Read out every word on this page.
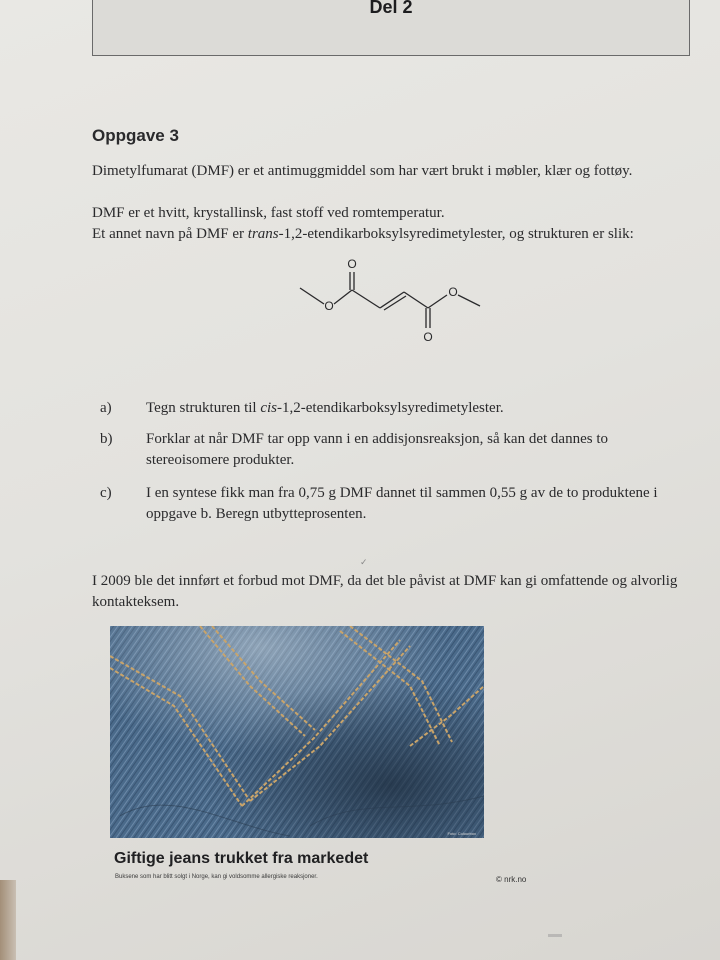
Del 2
Oppgave 3
Dimetylfumarat (DMF) er et antimuggmiddel som har vært brukt i møbler, klær og fottøy.
DMF er et hvitt, krystallinsk, fast stoff ved romtemperatur.
Et annet navn på DMF er trans-1,2-etendikarboksylsyredimetylester, og strukturen er slik:
O
O
O
O
a) Tegn strukturen til cis-1,2-etendikarboksylsyredimetylester.
b) Forklar at når DMF tar opp vann i en addisjonsreaksjon, så kan det dannes to stereoisomere produkter.
c) I en syntese fikk man fra 0,75 g DMF dannet til sammen 0,55 g av de to produktene i oppgave b. Beregn utbytteprosenten.
✓
I 2009 ble det innført et forbud mot DMF, da det ble påvist at DMF kan gi omfattende og alvorlig kontakteksem.
Foto: Colourbox
Giftige jeans trukket fra markedet
Buksene som har blitt solgt i Norge, kan gi voldsomme allergiske reaksjoner.	© nrk.no
